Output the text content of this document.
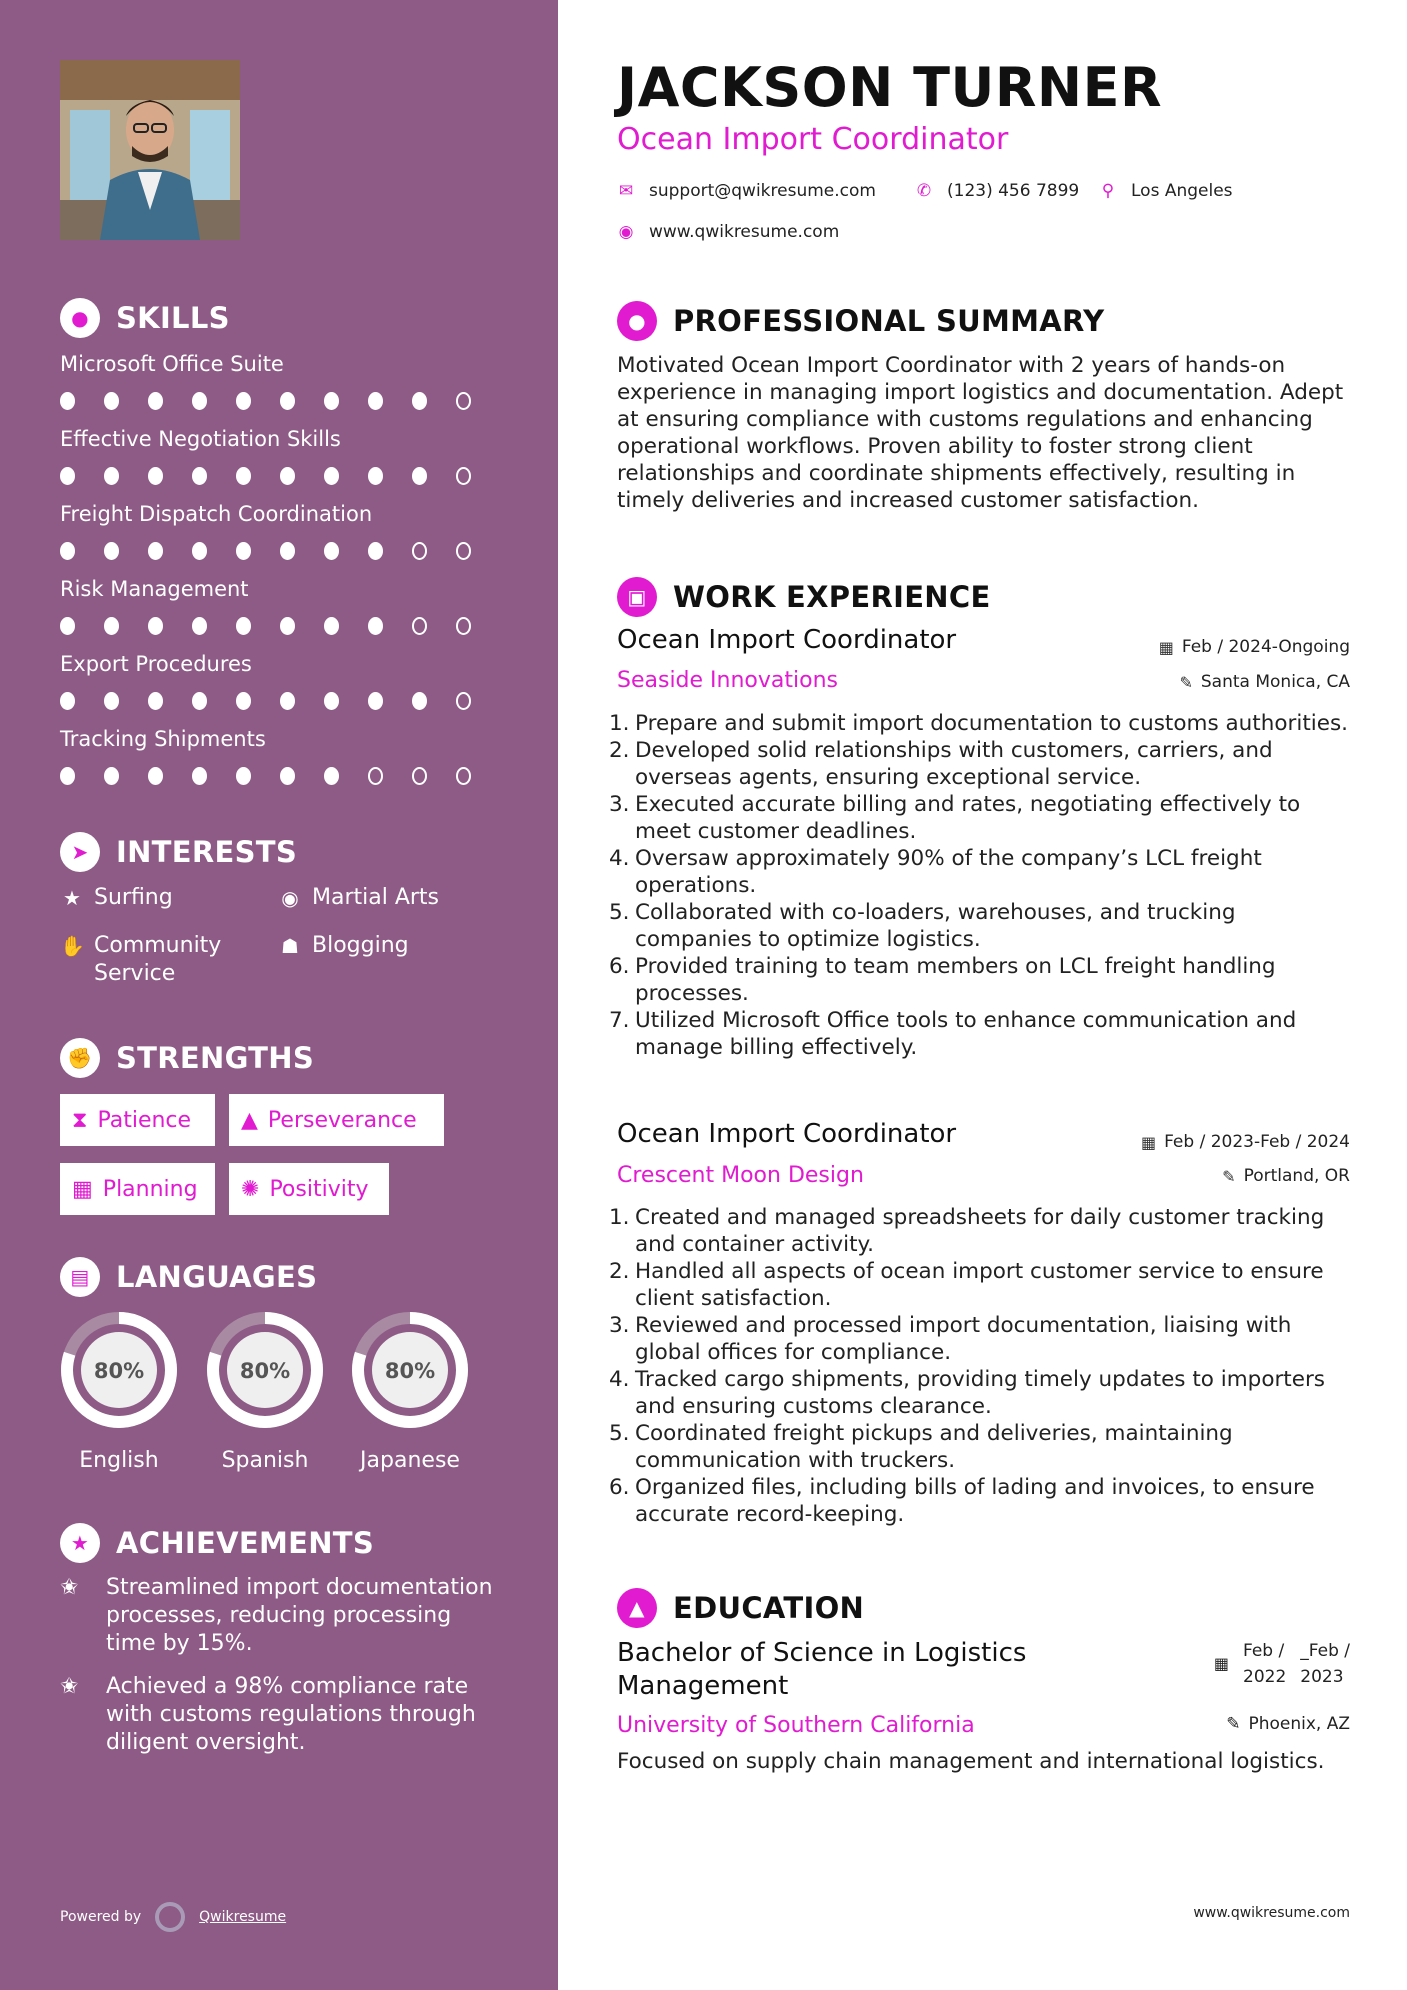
● SKILLS
Microsoft Office Suite
Effective Negotiation Skills
Freight Dispatch Coordination
Risk Management
Export Procedures
Tracking Shipments
➤ INTERESTS
★ Surfing	◉ Martial Arts
✋ Community Service
☗ Blogging
✊ STRENGTHS
⧗ Patience ▲ Perseverance
▦ Planning ✺ Positivity
▤ LANGUAGES
80%
English
80%
Spanish
80%
Japanese
★ ACHIEVEMENTS
✬	Streamlined import documentation processes, reducing processing time by 15%.
✬	Achieved a 98% compliance rate with customs regulations through diligent oversight.
Powered by	Qwikresume
JACKSON TURNER
Ocean Import Coordinator
✉ support@qwikresume.com ✆ (123) 456 7899 ⚲ Los Angeles
◉ www.qwikresume.com
● PROFESSIONAL SUMMARY
Motivated Ocean Import Coordinator with 2 years of hands-on experience in managing import logistics and documentation. Adept at ensuring compliance with customs regulations and enhancing operational workflows. Proven ability to foster strong client relationships and coordinate shipments effectively, resulting in timely deliveries and increased customer satisfaction.
▣ WORK EXPERIENCE
Ocean Import Coordinator
Seaside Innovations
▦ Feb / 2024-Ongoing
✎ Santa Monica, CA
1. Prepare and submit import documentation to customs authorities.
2. Developed solid relationships with customers, carriers, and overseas agents, ensuring exceptional service.
3. Executed accurate billing and rates, negotiating effectively to meet customer deadlines.
4. Oversaw approximately 90% of the company’s LCL freight operations.
5. Collaborated with co-loaders, warehouses, and trucking companies to optimize logistics.
6. Provided training to team members on LCL freight handling processes.
7. Utilized Microsoft Office tools to enhance communication and manage billing effectively.
Ocean Import Coordinator
Crescent Moon Design
▦ Feb / 2023-Feb / 2024
✎ Portland, OR
1. Created and managed spreadsheets for daily customer tracking and container activity.
2. Handled all aspects of ocean import customer service to ensure client satisfaction.
3. Reviewed and processed import documentation, liaising with global offices for compliance.
4. Tracked cargo shipments, providing timely updates to importers and ensuring customs clearance.
5. Coordinated freight pickups and deliveries, maintaining communication with truckers.
6. Organized files, including bills of lading and invoices, to ensure accurate record-keeping.
▲ EDUCATION
Bachelor of Science in Logistics Management
University of Southern California
▦
Feb /
2022
_Feb /
2023
✎ Phoenix, AZ
Focused on supply chain management and international logistics.
www.qwikresume.com
